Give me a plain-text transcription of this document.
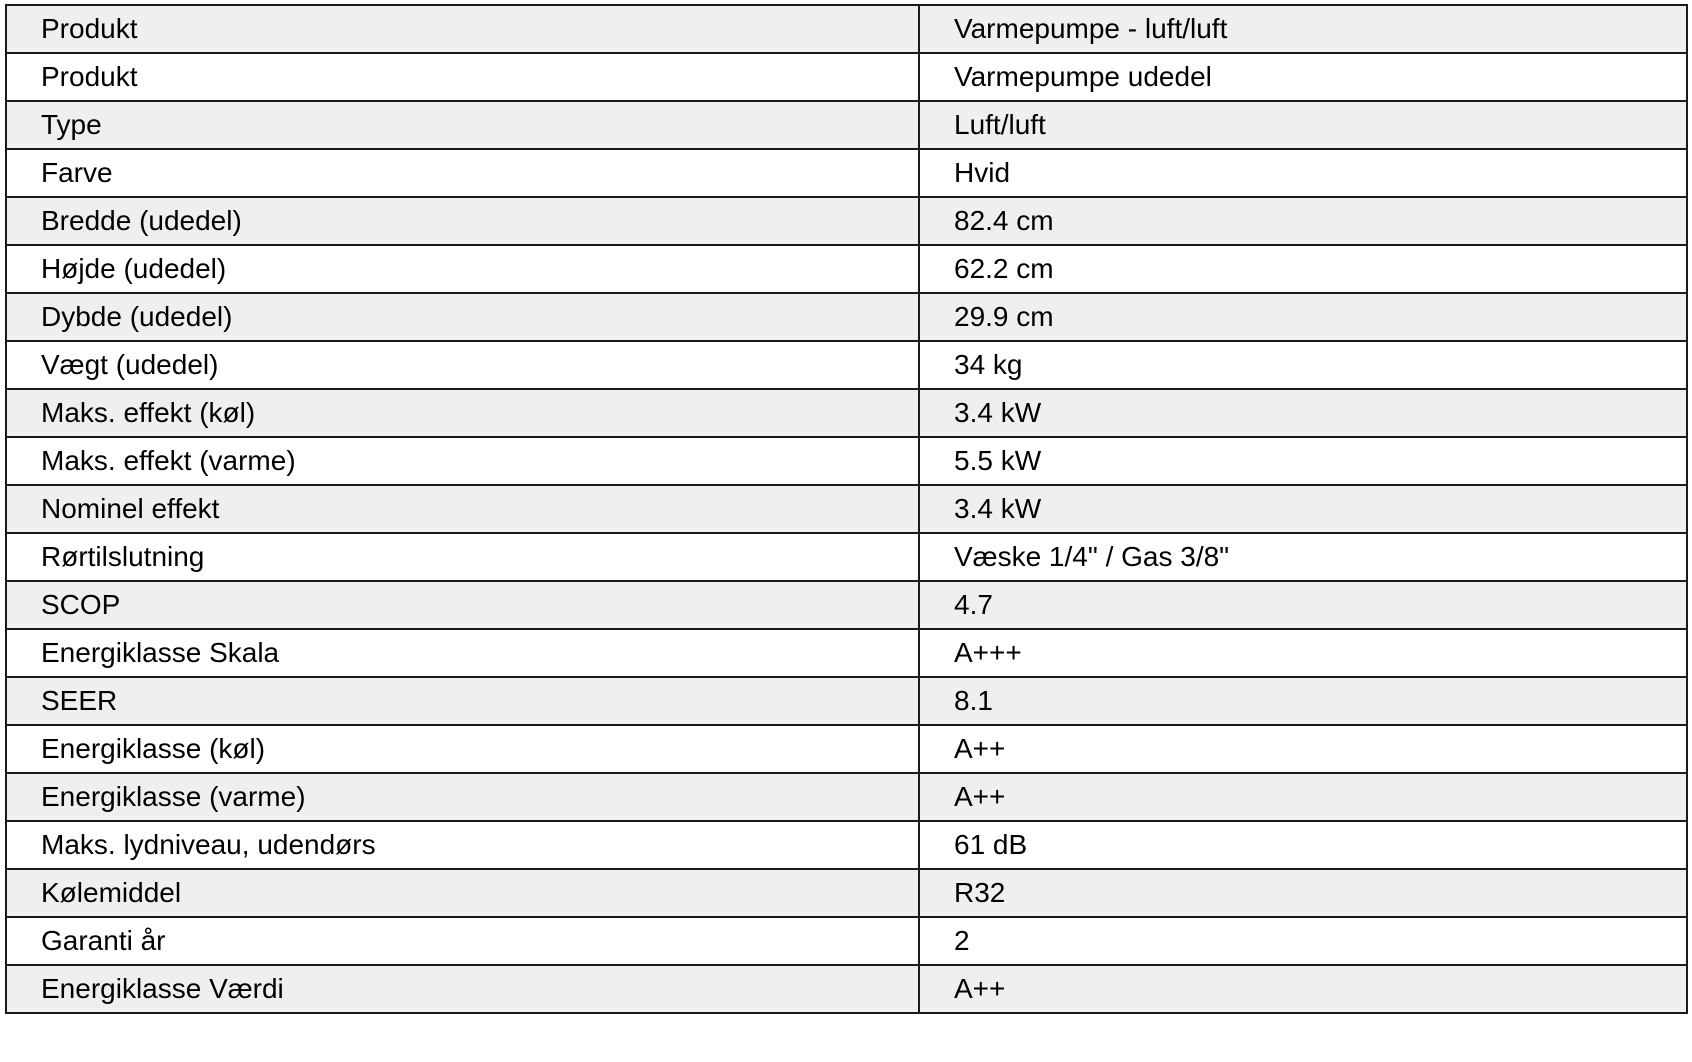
Produkt	Varmepumpe - luft/luft
Produkt	Varmepumpe udedel
Type	Luft/luft
Farve	Hvid
Bredde (udedel)	82.4 cm
Højde (udedel)	62.2 cm
Dybde (udedel)	29.9 cm
Vægt (udedel)	34 kg
Maks. effekt (køl)	3.4 kW
Maks. effekt (varme)	5.5 kW
Nominel effekt	3.4 kW
Rørtilslutning	Væske 1/4" / Gas 3/8"
SCOP	4.7
Energiklasse Skala	A+++
SEER	8.1
Energiklasse (køl)	A++
Energiklasse (varme)	A++
Maks. lydniveau, udendørs	61 dB
Kølemiddel	R32
Garanti år	2
Energiklasse Værdi	A++
